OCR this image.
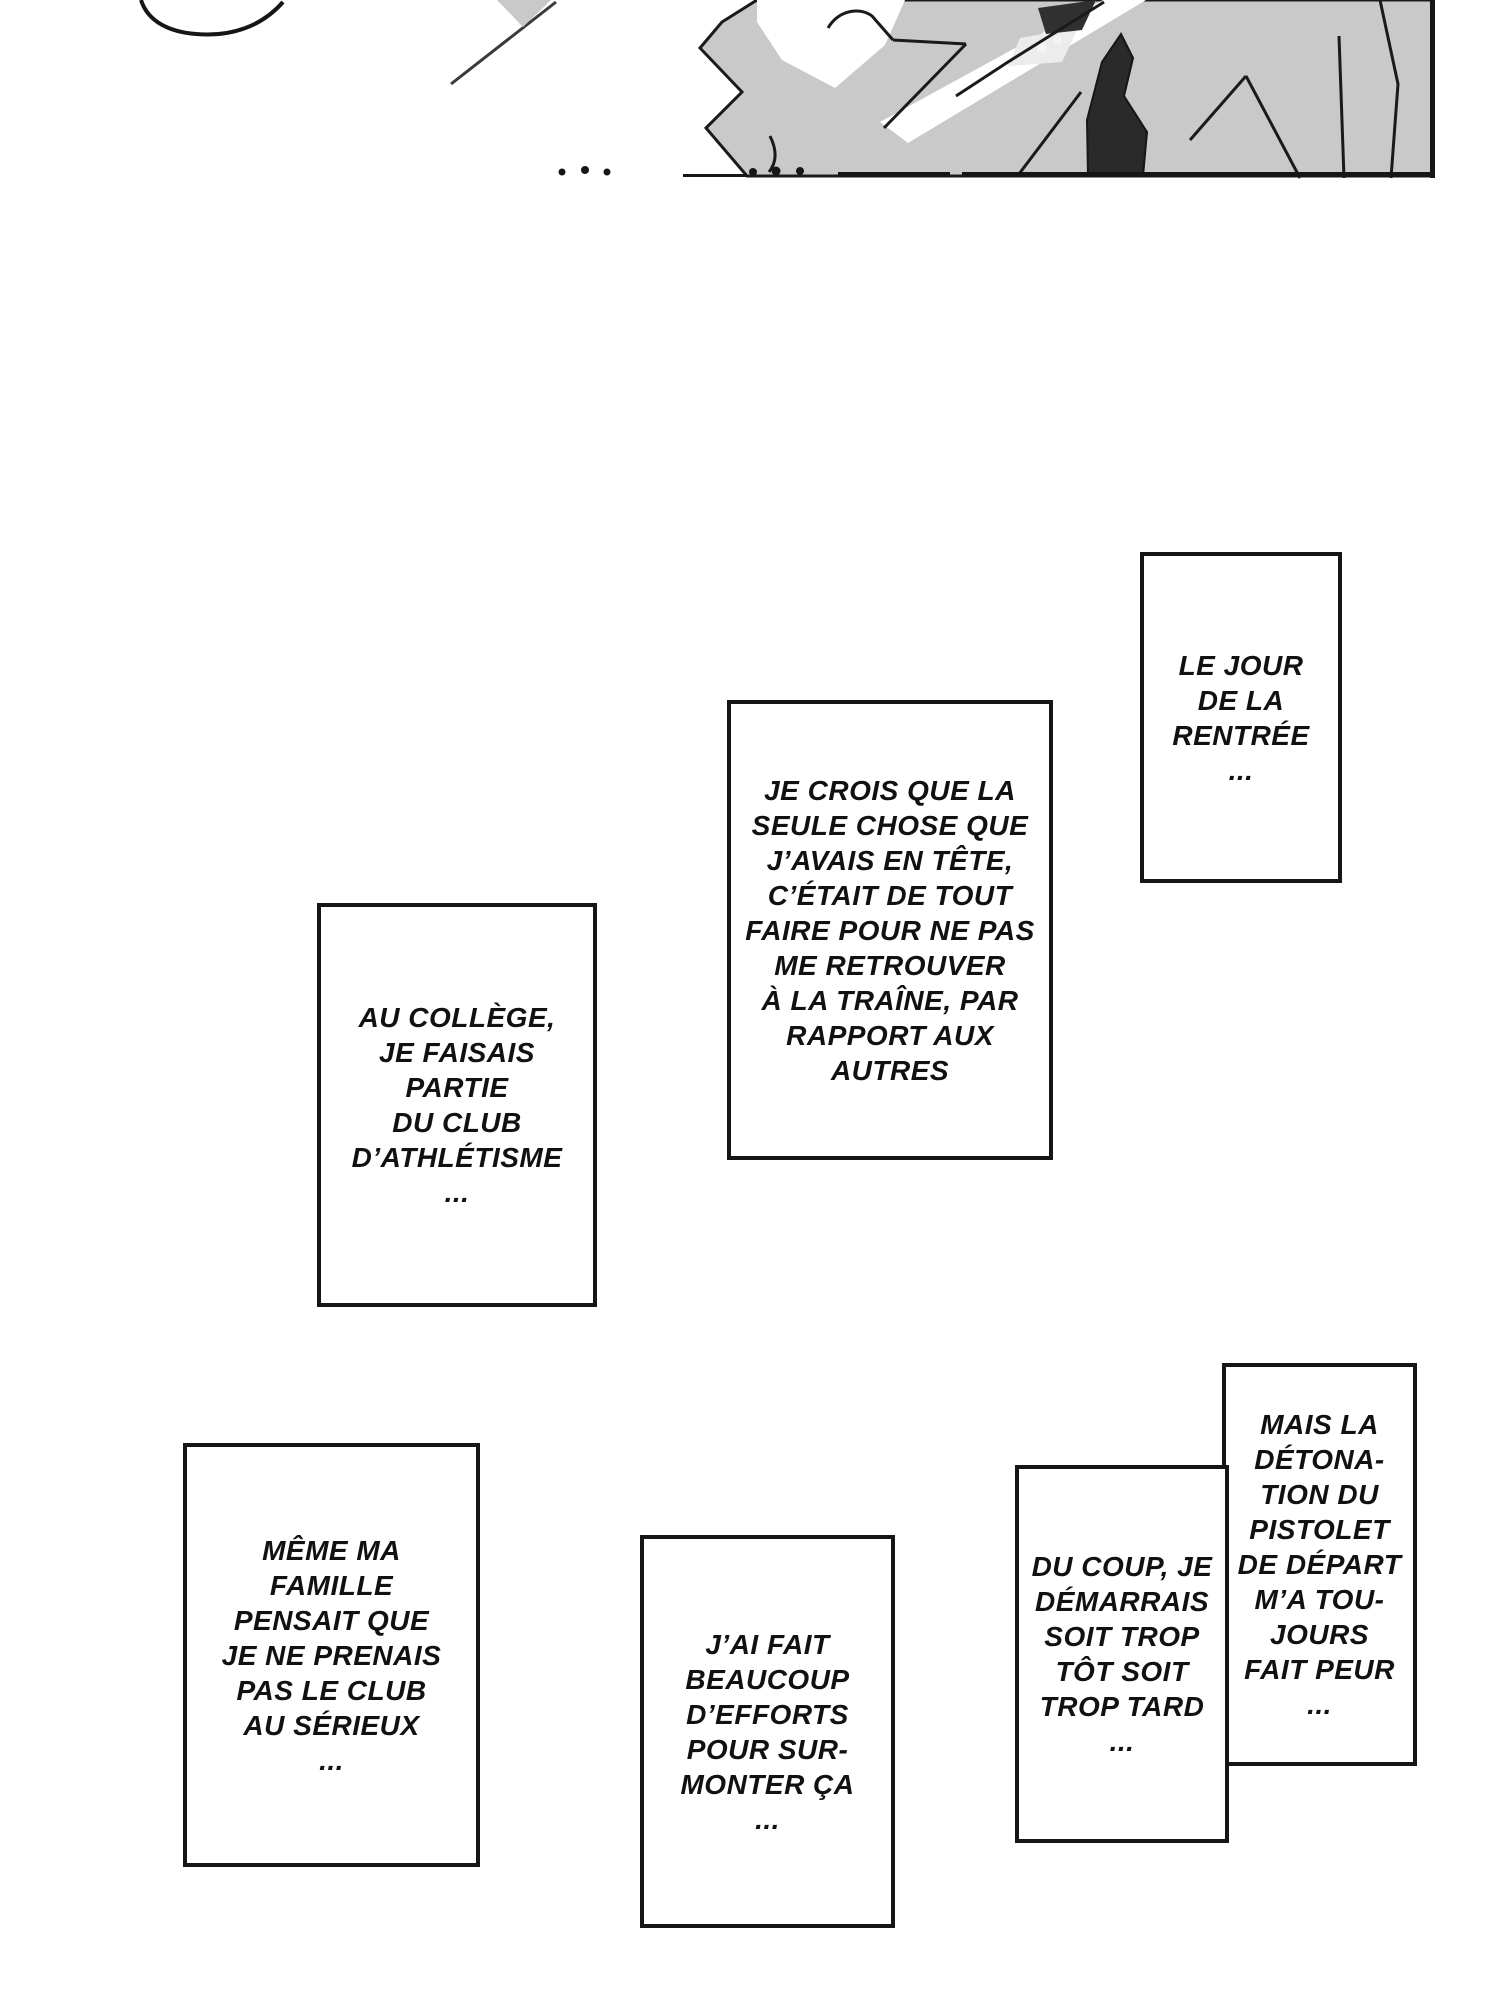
LE JOUR
DE LA
RENTRÉE
...
JE CROIS QUE LA
SEULE CHOSE QUE
J’AVAIS EN TÊTE,
C’ÉTAIT DE TOUT
FAIRE POUR NE PAS
ME RETROUVER
À LA TRAÎNE, PAR
RAPPORT AUX
AUTRES
AU COLLÈGE,
JE FAISAIS
PARTIE
DU CLUB
D’ATHLÉTISME
...
MÊME MA
FAMILLE
PENSAIT QUE
JE NE PRENAIS
PAS LE CLUB
AU SÉRIEUX
...
J’AI FAIT
BEAUCOUP
D’EFFORTS
POUR SUR-
MONTER ÇA
...
DU COUP, JE
DÉMARRAIS
SOIT TROP
TÔT SOIT
TROP TARD
...
MAIS LA
DÉTONA-
TION DU
PISTOLET
DE DÉPART
M’A TOU-
JOURS
FAIT PEUR
...
